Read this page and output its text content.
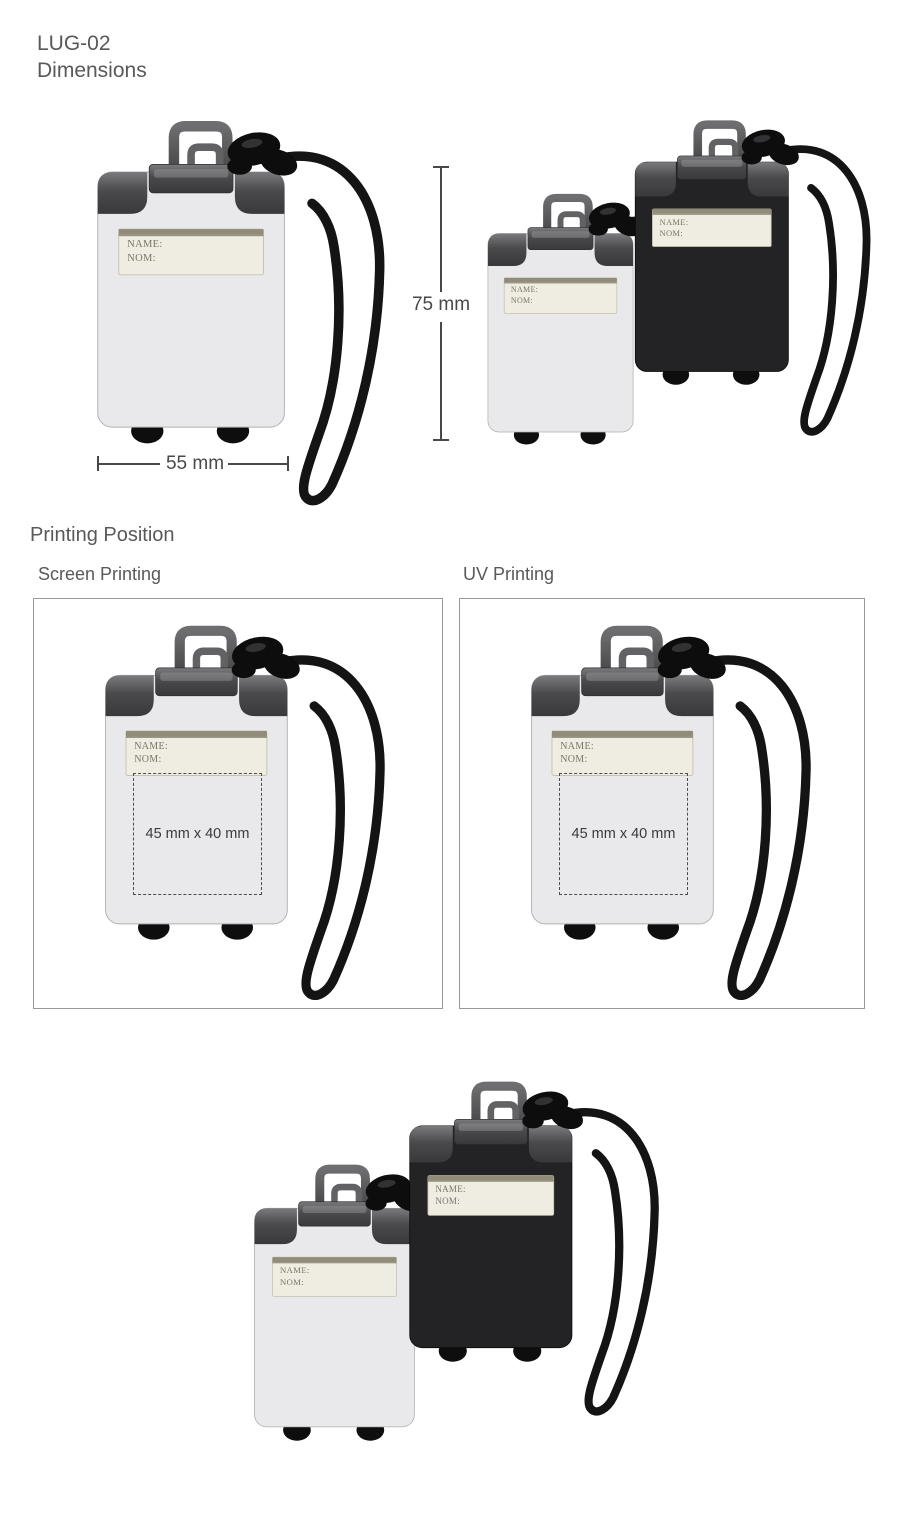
LUG-02
Dimensions
NAME:
NOM:
75 mm
55 mm
NAME:
NOM:
NAME:
NOM:
Printing Position
Screen Printing	UV Printing
NAME:
NOM:
45 mm x 40 mm
NAME:
NOM:
45 mm x 40 mm
NAME:
NOM:
NAME:
NOM:
